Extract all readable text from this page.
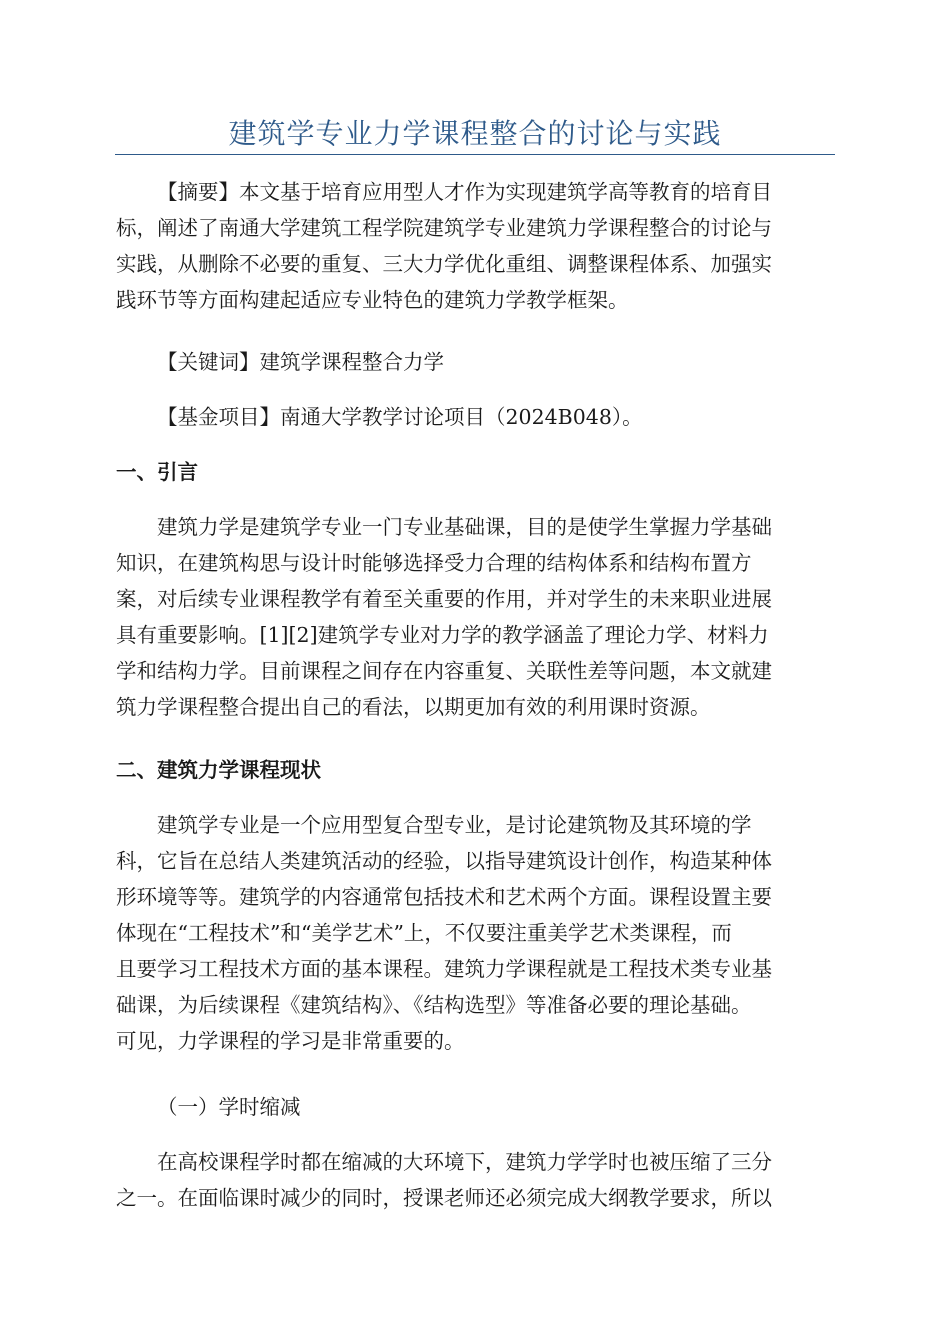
建筑学专业力学课程整合的讨论与实践
【摘要】本文基于培育应用型人才作为实现建筑学高等教育的培育目
标，阐述了南通大学建筑工程学院建筑学专业建筑力学课程整合的讨论与
实践，从删除不必要的重复、三大力学优化重组、调整课程体系、加强实
践环节等方面构建起适应专业特色的建筑力学教学框架。
【关键词】建筑学课程整合力学
【基金项目】南通大学教学讨论项目（2024B048）。
一、引言
建筑力学是建筑学专业一门专业基础课，目的是使学生掌握力学基础
知识，在建筑构思与设计时能够选择受力合理的结构体系和结构布置方
案，对后续专业课程教学有着至关重要的作用，并对学生的未来职业进展
具有重要影响。[1][2]建筑学专业对力学的教学涵盖了理论力学、材料力
学和结构力学。目前课程之间存在内容重复、关联性差等问题，本文就建
筑力学课程整合提出自己的看法，以期更加有效的利用课时资源。
二、建筑力学课程现状
建筑学专业是一个应用型复合型专业，是讨论建筑物及其环境的学
科，它旨在总结人类建筑活动的经验，以指导建筑设计创作，构造某种体
形环境等等。建筑学的内容通常包括技术和艺术两个方面。课程设置主要
体现在“工程技术”和“美学艺术”上，不仅要注重美学艺术类课程，而
且要学习工程技术方面的基本课程。建筑力学课程就是工程技术类专业基
础课，为后续课程《建筑结构》、《结构选型》等准备必要的理论基础。
可见，力学课程的学习是非常重要的。
（一）学时缩减
在高校课程学时都在缩减的大环境下，建筑力学学时也被压缩了三分
之一。在面临课时减少的同时，授课老师还必须完成大纲教学要求，所以
